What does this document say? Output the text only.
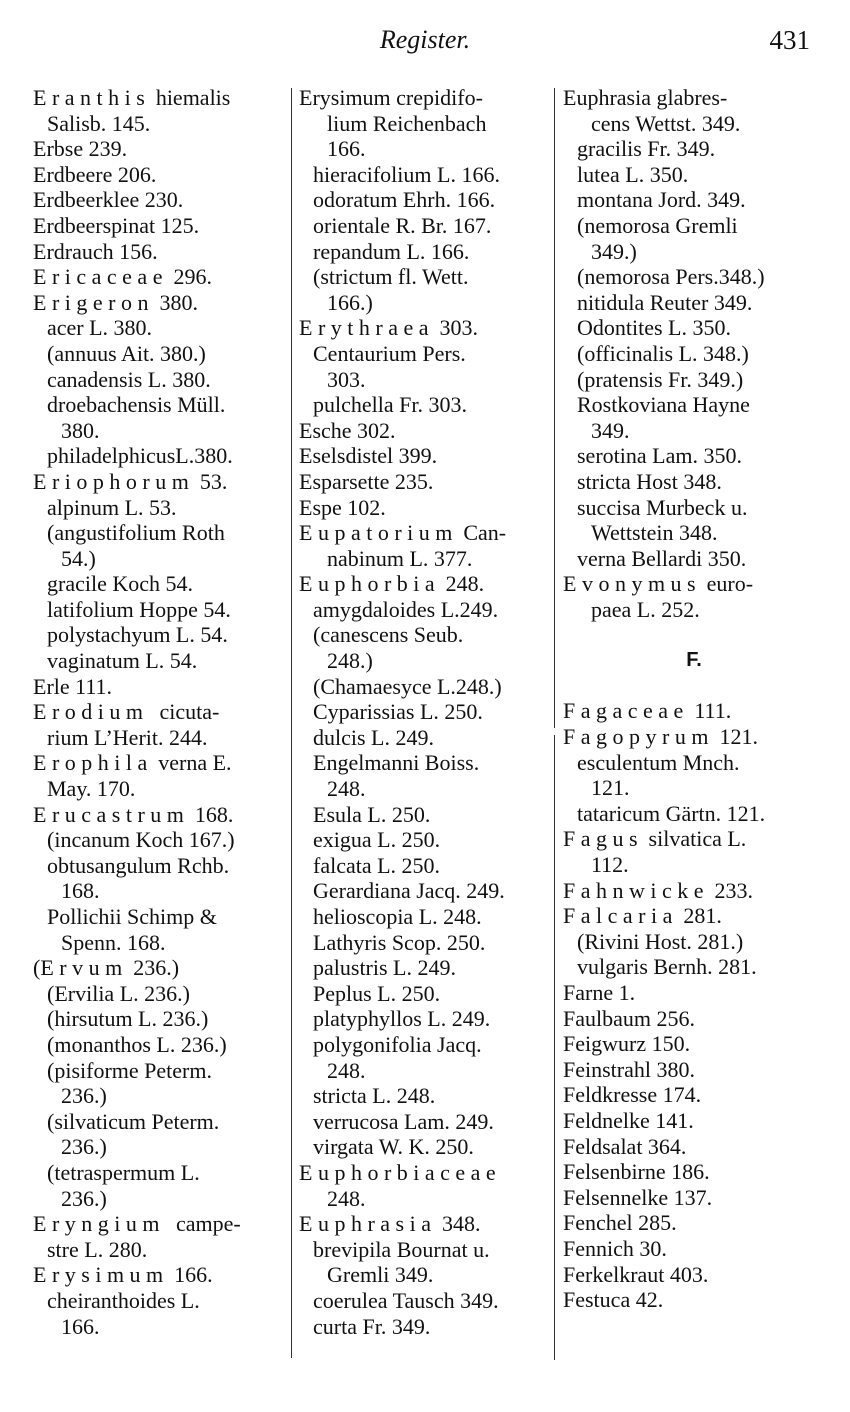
Register.	431
E r a n t h i s  hiemalis
Salisb. 145.
Erbse 239.
Erdbeere 206.
Erdbeerklee 230.
Erdbeerspinat 125.
Erdrauch 156.
E r i c a c e a e  296.
E r i g e r o n  380.
acer L. 380.
(annuus Ait. 380.)
canadensis L. 380.
droebachensis Müll.
380.
philadelphicusL.380.
E r i o p h o r u m  53.
alpinum L. 53.
(angustifolium Roth
54.)
gracile Koch 54.
latifolium Hoppe 54.
polystachyum L. 54.
vaginatum L. 54.
Erle 111.
E r o d i u m   cicuta-
rium L’Herit. 244.
E r o p h i l a  verna E.
May. 170.
E r u c a s t r u m  168.
(incanum Koch 167.)
obtusangulum Rchb.
168.
Pollichii Schimp &
Spenn. 168.
(E r v u m  236.)
(Ervilia L. 236.)
(hirsutum L. 236.)
(monanthos L. 236.)
(pisiforme Peterm.
236.)
(silvaticum Peterm.
236.)
(tetraspermum L.
236.)
E r y n g i u m   campe-
stre L. 280.
E r y s i m u m  166.
cheiranthoides L.
166.
Erysimum crepidifo-
lium Reichenbach
166.
hieracifolium L. 166.
odoratum Ehrh. 166.
orientale R. Br. 167.
repandum L. 166.
(strictum fl. Wett.
166.)
E r y t h r a e a  303.
Centaurium Pers.
303.
pulchella Fr. 303.
Esche 302.
Eselsdistel 399.
Esparsette 235.
Espe 102.
E u p a t o r i u m  Can-
nabinum L. 377.
E u p h o r b i a  248.
amygdaloides L.249.
(canescens Seub.
248.)
(Chamaesyce L.248.)
Cyparissias L. 250.
dulcis L. 249.
Engelmanni Boiss.
248.
Esula L. 250.
exigua L. 250.
falcata L. 250.
Gerardiana Jacq. 249.
helioscopia L. 248.
Lathyris Scop. 250.
palustris L. 249.
Peplus L. 250.
platyphyllos L. 249.
polygonifolia Jacq.
248.
stricta L. 248.
verrucosa Lam. 249.
virgata W. K. 250.
E u p h o r b i a c e a e
248.
E u p h r a s i a  348.
brevipila Bournat u.
Gremli 349.
coerulea Tausch 349.
curta Fr. 349.
Euphrasia glabres-
cens Wettst. 349.
gracilis Fr. 349.
lutea L. 350.
montana Jord. 349.
(nemorosa Gremli
349.)
(nemorosa Pers.348.)
nitidula Reuter 349.
Odontites L. 350.
(officinalis L. 348.)
(pratensis Fr. 349.)
Rostkoviana Hayne
349.
serotina Lam. 350.
stricta Host 348.
succisa Murbeck u.
Wettstein 348.
verna Bellardi 350.
E v o n y m u s  euro-
paea L. 252.
F.
F a g a c e a e  111.
F a g o p y r u m  121.
esculentum Mnch.
121.
tataricum Gärtn. 121.
F a g u s  silvatica L.
112.
F a h n w i c k e  233.
F a l c a r i a  281.
(Rivini Host. 281.)
vulgaris Bernh. 281.
Farne 1.
Faulbaum 256.
Feigwurz 150.
Feinstrahl 380.
Feldkresse 174.
Feldnelke 141.
Feldsalat 364.
Felsenbirne 186.
Felsennelke 137.
Fenchel 285.
Fennich 30.
Ferkelkraut 403.
Festuca 42.
